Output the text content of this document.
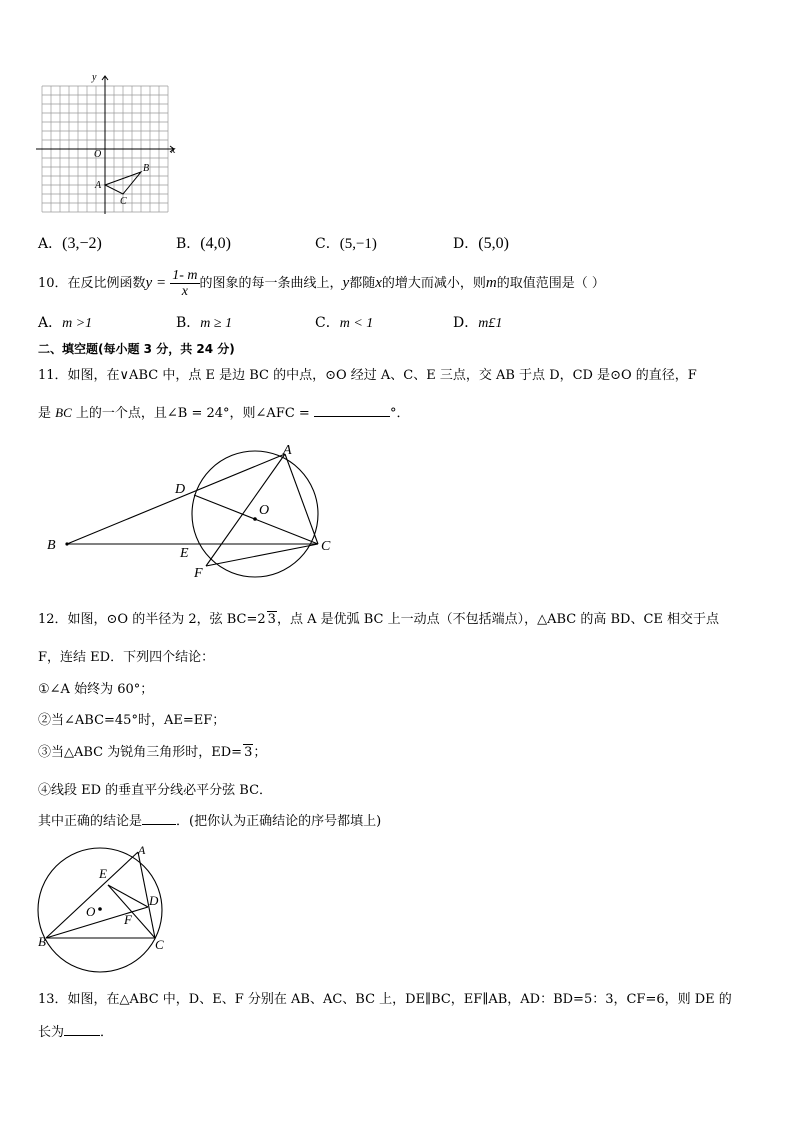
y
x
O
A
B
C
A．(3,−2)	B．(4,0)	C．(5,−1)	D．(5,0)
10．在反比例函数$y = \frac{1- m}{x}$ 的图象的每一条曲线上，y都随x的增大而减小，则m的取值范围是（ ）
A．m >1	B．m ≥ 1	C．m < 1	D．m£1
二、填空题(每小题 3 分，共 24 分)
11．如图，在∨ABC 中，点 E 是边 BC 的中点，⊙O 经过 A、C、E 三点，交 AB 于点 D，CD 是⊙O 的直径，F
是 BC 上的一个点，且∠B = 24°，则∠AFC =	°．
A
D
O
B
E	C
F
12．如图，⊙O 的半径为 2，弦 BC=2 3，点 A 是优弧 BC 上一动点（不包括端点），△ABC 的高 BD、CE 相交于点
F，连结 ED．下列四个结论：
①∠A 始终为 60°；
②当∠ABC=45°时，AE=EF；
③当△ABC 为锐角三角形时，ED= 3；
④线段 ED 的垂直平分线必平分弦 BC．
其中正确的结论是	．(把你认为正确结论的序号都填上)
A
E
D
O
F
B	C
13．如图，在△ABC 中，D、E、F 分别在 AB、AC、BC 上，DE∥BC，EF∥AB，AD：BD=5：3，CF=6，则 DE 的
长为	．
